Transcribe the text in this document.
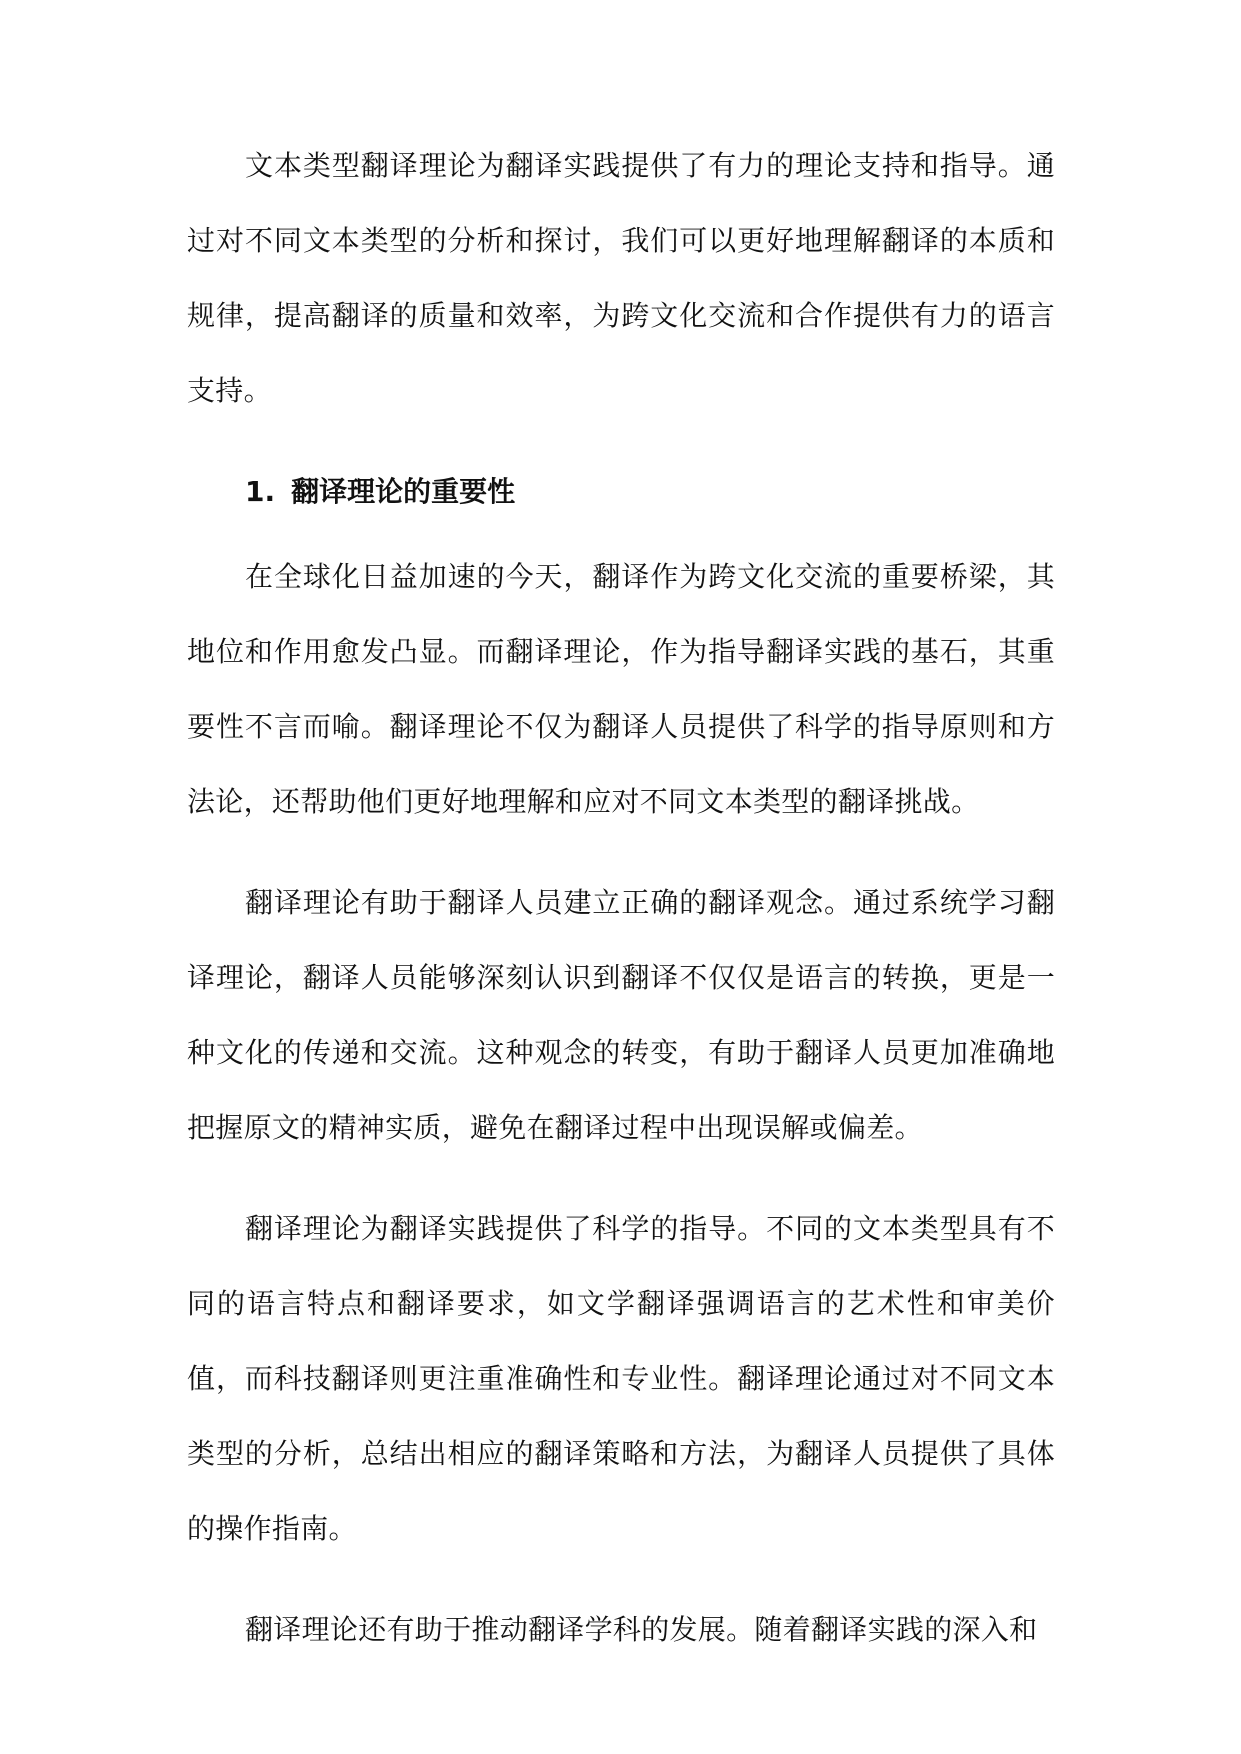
文本类型翻译理论为翻译实践提供了有力的理论支持和指导。通过对不同文本类型的分析和探讨，我们可以更好地理解翻译的本质和规律，提高翻译的质量和效率，为跨文化交流和合作提供有力的语言支持。

1. 翻译理论的重要性

在全球化日益加速的今天，翻译作为跨文化交流的重要桥梁，其地位和作用愈发凸显。而翻译理论，作为指导翻译实践的基石，其重要性不言而喻。翻译理论不仅为翻译人员提供了科学的指导原则和方法论，还帮助他们更好地理解和应对不同文本类型的翻译挑战。

翻译理论有助于翻译人员建立正确的翻译观念。通过系统学习翻译理论，翻译人员能够深刻认识到翻译不仅仅是语言的转换，更是一种文化的传递和交流。这种观念的转变，有助于翻译人员更加准确地把握原文的精神实质，避免在翻译过程中出现误解或偏差。

翻译理论为翻译实践提供了科学的指导。不同的文本类型具有不同的语言特点和翻译要求，如文学翻译强调语言的艺术性和审美价值，而科技翻译则更注重准确性和专业性。翻译理论通过对不同文本类型的分析，总结出相应的翻译策略和方法，为翻译人员提供了具体的操作指南。

翻译理论还有助于推动翻译学科的发展。随着翻译实践的深入和
